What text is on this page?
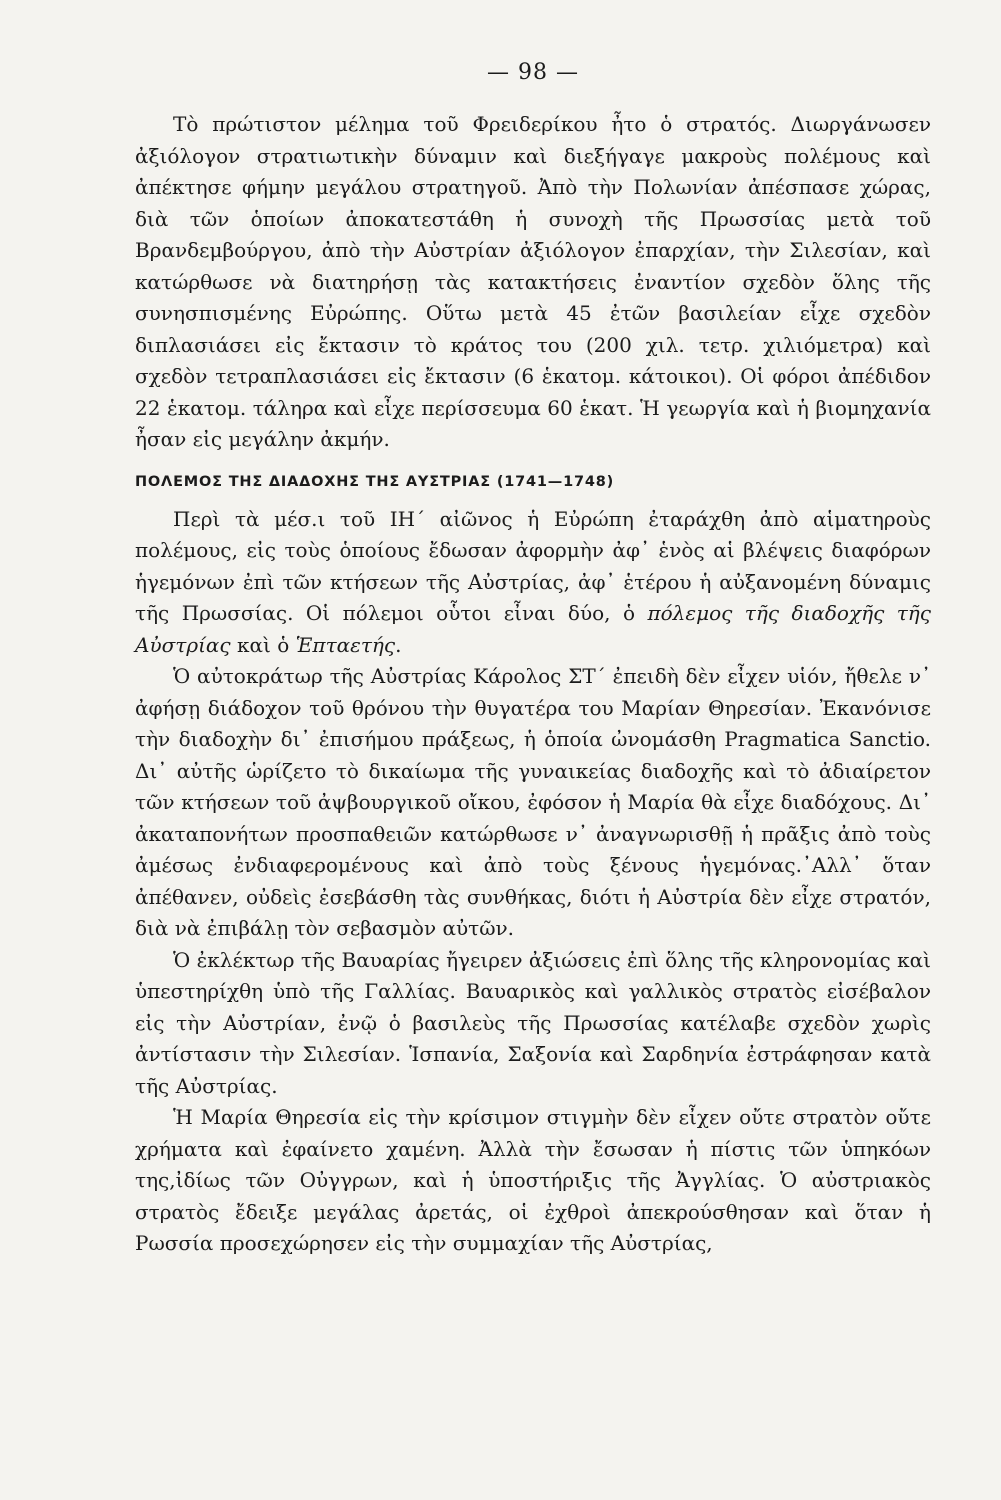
— 98 —

Τὸ πρώτιστον μέλημα τοῦ Φρειδερίκου ἦτο ὁ στρατός. Διωργάνωσεν ἀξιόλογον στρατιωτικὴν δύναμιν καὶ διεξήγαγε μακροὺς πολέμους καὶ ἀπέκτησε φήμην μεγάλου στρατηγοῦ. Ἀπὸ τὴν Πολωνίαν ἀπέσπασε χώρας, διὰ τῶν ὁποίων ἀποκατεστάθη ἡ συνοχὴ τῆς Πρωσσίας μετὰ τοῦ Βρανδεμβούργου, ἀπὸ τὴν Αὐστρίαν ἀξιόλογον ἐπαρχίαν, τὴν Σιλεσίαν, καὶ κατώρθωσε νὰ διατηρήσῃ τὰς κατακτήσεις ἐναντίον σχεδὸν ὅλης τῆς συνησπισμένης Εὐρώπης. Οὕτω μετὰ 45 ἐτῶν βασιλείαν εἶχε σχεδὸν διπλασιάσει εἰς ἔκτασιν τὸ κράτος του (200 χιλ. τετρ. χιλιόμετρα) καὶ σχεδὸν τετραπλασιάσει εἰς ἔκτασιν (6 ἑκατομ. κάτοικοι). Οἱ φόροι ἀπέδιδον 22 ἑκατομ. τάληρα καὶ εἶχε περίσσευμα 60 ἑκατ. Ἡ γεωργία καὶ ἡ βιομηχανία ἦσαν εἰς μεγάλην ἀκμήν.

ΠΟΛΕΜΟΣ ΤΗΣ ΔΙΑΔΟΧΗΣ ΤΗΣ ΑΥΣΤΡΙΑΣ (1741—1748)

Περὶ τὰ μέσ.ι τοῦ ΙΗ΄ αἰῶνος ἡ Εὐρώπη ἐταράχθη ἀπὸ αἱματηροὺς πολέμους, εἰς τοὺς ὁποίους ἔδωσαν ἀφορμὴν ἀφ᾽ ἑνὸς αἱ βλέψεις διαφόρων ἡγεμόνων ἐπὶ τῶν κτήσεων τῆς Αὐστρίας, ἀφ᾽ ἑτέρου ἡ αὐξανομένη δύναμις τῆς Πρωσσίας. Οἱ πόλεμοι οὗτοι εἶναι δύο, ὁ πόλεμος τῆς διαδοχῆς τῆς Αὐστρίας καὶ ὁ Ἑπταετής.

Ὁ αὐτοκράτωρ τῆς Αὐστρίας Κάρολος ΣΤ΄ ἐπειδὴ δὲν εἶχεν υἱόν, ἤθελε ν᾽ ἀφήσῃ διάδοχον τοῦ θρόνου τὴν θυγατέρα του Μαρίαν Θηρεσίαν. Ἐκανόνισε τὴν διαδοχὴν δι᾽ ἐπισήμου πράξεως, ἡ ὁποία ὠνομάσθη Pragmatica Sanctio. Δι᾽ αὐτῆς ὡρίζετο τὸ δικαίωμα τῆς γυναικείας διαδοχῆς καὶ τὸ ἀδιαίρετον τῶν κτήσεων τοῦ ἀψβουργικοῦ οἴκου, ἐφόσον ἡ Μαρία θὰ εἶχε διαδόχους. Δι᾽ ἀκαταπονήτων προσπαθειῶν κατώρθωσε ν᾽ ἀναγνωρισθῇ ἡ πρᾶξις ἀπὸ τοὺς ἀμέσως ἐνδιαφερομένους καὶ ἀπὸ τοὺς ξένους ἡγεμόνας.᾽Αλλ᾽ ὅταν ἀπέθανεν, οὐδεὶς ἐσεβάσθη τὰς συνθήκας, διότι ἡ Αὐστρία δὲν εἶχε στρατόν, διὰ νὰ ἐπιβάλῃ τὸν σεβασμὸν αὐτῶν.

Ὁ ἐκλέκτωρ τῆς Βαυαρίας ἤγειρεν ἀξιώσεις ἐπὶ ὅλης τῆς κληρονομίας καὶ ὑπεστηρίχθη ὑπὸ τῆς Γαλλίας. Βαυαρικὸς καὶ γαλλικὸς στρατὸς εἰσέβαλον εἰς τὴν Αὐστρίαν, ἐνῷ ὁ βασιλεὺς τῆς Πρωσσίας κατέλαβε σχεδὸν χωρὶς ἀντίστασιν τὴν Σιλεσίαν. Ἱσπανία, Σαξονία καὶ Σαρδηνία ἐστράφησαν κατὰ τῆς Αὐστρίας.

Ἡ Μαρία Θηρεσία εἰς τὴν κρίσιμον στιγμὴν δὲν εἶχεν οὔτε στρατὸν οὔτε χρήματα καὶ ἐφαίνετο χαμένη. Ἀλλὰ τὴν ἔσωσαν ἡ πίστις τῶν ὑπηκόων της,ἰδίως τῶν Οὐγγρων, καὶ ἡ ὑποστήριξις τῆς Ἀγγλίας. Ὁ αὐστριακὸς στρατὸς ἔδειξε μεγάλας ἀρετάς, οἱ ἐχθροὶ ἀπεκρούσθησαν καὶ ὅταν ἡ Ρωσσία προσεχώρησεν εἰς τὴν συμμαχίαν τῆς Αὐστρίας,
